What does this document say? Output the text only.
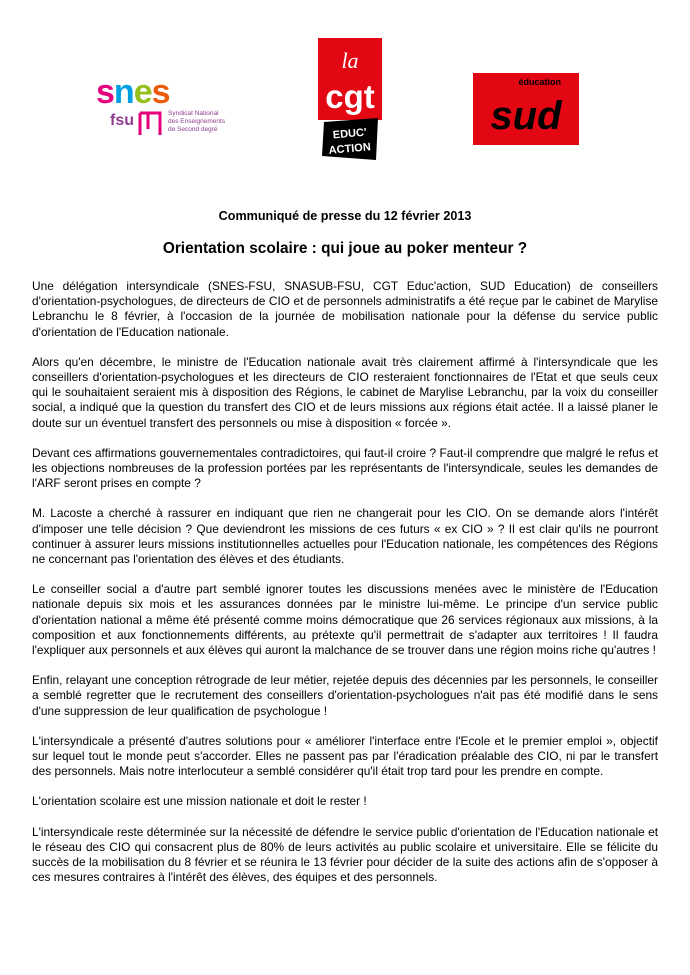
snes
fsu	Syndicat National
des Enseignements
de Second degré
la
cgt
EDUC'
ACTION
éducation
sud
Communiqué de presse du 12 février 2013
Orientation scolaire : qui joue au poker menteur ?

Une délégation intersyndicale (SNES-FSU, SNASUB-FSU, CGT Educ'action, SUD Education) de conseillers d'orientation-psychologues, de directeurs de CIO et de personnels administratifs a été reçue par le cabinet de Marylise Lebranchu le 8 février, à l'occasion de la journée de mobilisation nationale pour la défense du service public d'orientation de l'Education nationale.

Alors qu'en décembre, le ministre de l'Education nationale avait très clairement affirmé à l'intersyndicale que les conseillers d'orientation-psychologues et les directeurs de CIO resteraient fonctionnaires de l'Etat et que seuls ceux qui le souhaitaient seraient mis à disposition des Régions, le cabinet de Marylise Lebranchu, par la voix du conseiller social, a indiqué que la question du transfert des CIO et de leurs missions aux régions était actée. Il a laissé planer le doute sur un éventuel transfert des personnels ou mise à disposition « forcée ».

Devant ces affirmations gouvernementales contradictoires, qui faut-il croire ? Faut-il comprendre que malgré le refus et les objections nombreuses de la profession portées par les représentants de l'intersyndicale, seules les demandes de l'ARF seront prises en compte ?

M. Lacoste a cherché à rassurer en indiquant que rien ne changerait pour les CIO. On se demande alors l'intérêt d'imposer une telle décision ? Que deviendront les missions de ces futurs « ex CIO » ? Il est clair qu'ils ne pourront continuer à assurer leurs missions institutionnelles actuelles pour l'Education nationale, les compétences des Régions ne concernant pas l'orientation des élèves et des étudiants.

Le conseiller social a d'autre part semblé ignorer toutes les discussions menées avec le ministère de l'Education nationale depuis six mois et les assurances données par le ministre lui-même. Le principe d'un service public d'orientation national a même été présenté comme moins démocratique que 26 services régionaux aux missions, à la composition et aux fonctionnements différents, au prétexte qu'il permettrait de s'adapter aux territoires ! Il faudra l'expliquer aux personnels et aux élèves qui auront la malchance de se trouver dans une région moins riche qu'autres !

Enfin, relayant une conception rétrograde de leur métier, rejetée depuis des décennies par les personnels, le conseiller a semblé regretter que le recrutement des conseillers d'orientation-psychologues n'ait pas été modifié dans le sens d'une suppression de leur qualification de psychologue !

L'intersyndicale a présenté d'autres solutions pour « améliorer l'interface entre l'Ecole et le premier emploi », objectif sur lequel tout le monde peut s'accorder. Elles ne passent pas par l'éradication préalable des CIO, ni par le transfert des personnels. Mais notre interlocuteur a semblé considérer qu'il était trop tard pour les prendre en compte.

L'orientation scolaire est une mission nationale et doit le rester !

L'intersyndicale reste déterminée sur la nécessité de défendre le service public d'orientation de l'Education nationale et le réseau des CIO qui consacrent plus de 80% de leurs activités au public scolaire et universitaire. Elle se félicite du succès de la mobilisation du 8 février et se réunira le 13 février pour décider de la suite des actions afin de s'opposer à ces mesures contraires à l'intérêt des élèves, des équipes et des personnels.
